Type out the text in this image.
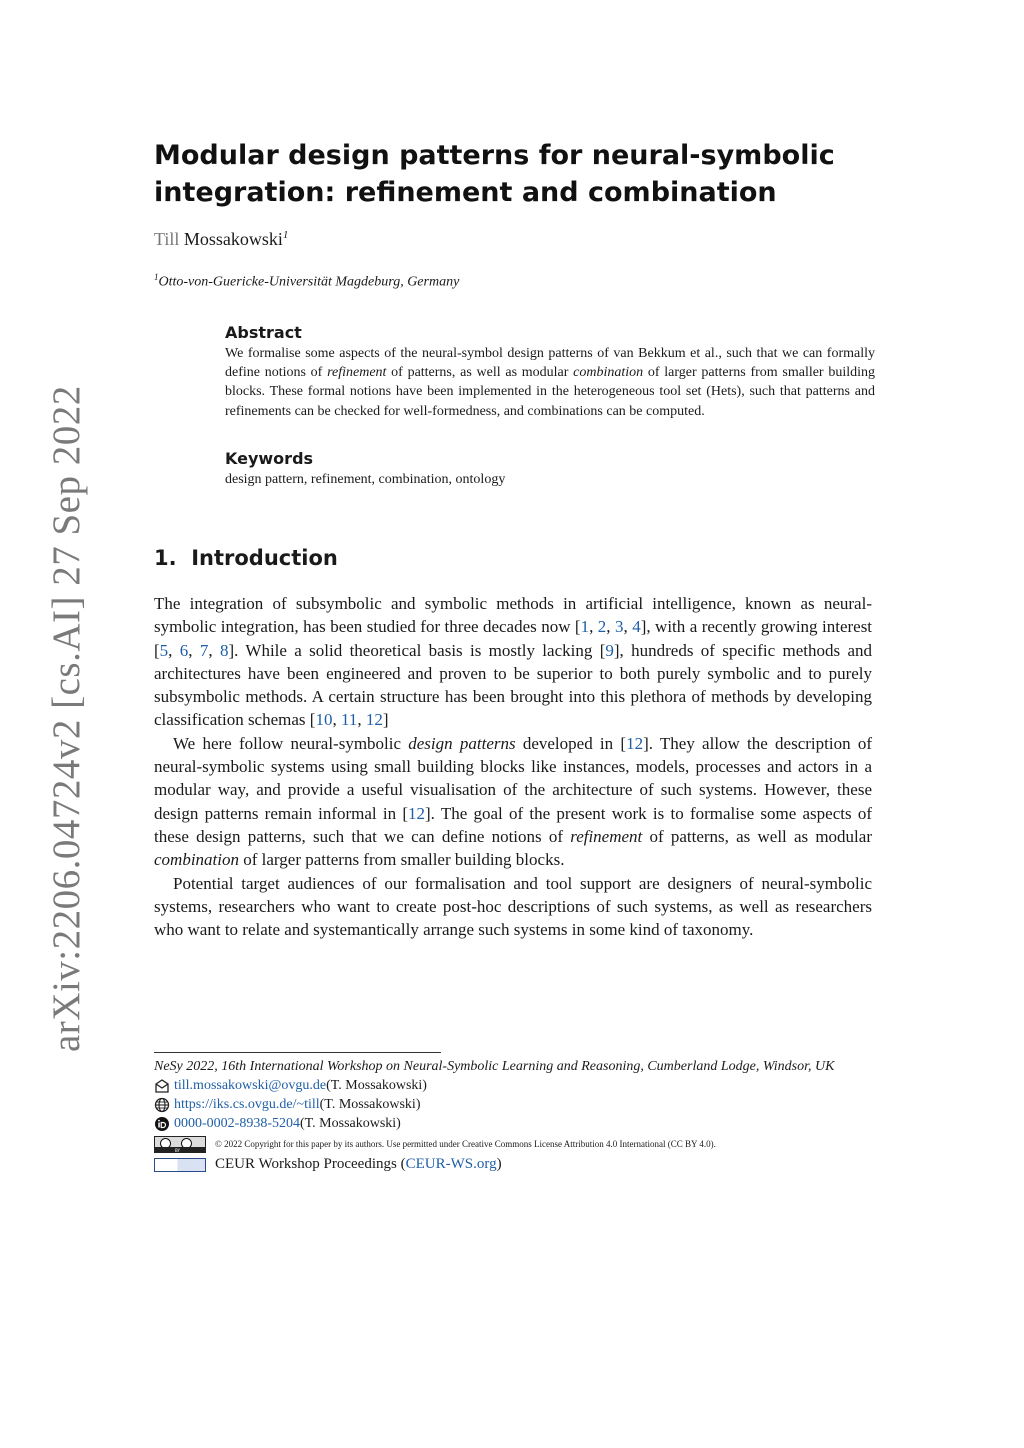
arXiv:2206.04724v2 [cs.AI] 27 Sep 2022
Modular design patterns for neural-symbolic
integration: refinement and combination
Till Mossakowski$^1$
$^1$Otto-von-Guericke-Universität Magdeburg, Germany
Abstract

We formalise some aspects of the neural-symbol design patterns of van Bekkum et al., such that we can formally define notions of refinement of patterns, as well as modular combination of larger patterns from smaller building blocks. These formal notions have been implemented in the heterogeneous tool set (Hets), such that patterns and refinements can be checked for well-formedness, and combinations can be computed.

Keywords

design pattern, refinement, combination, ontology

1. Introduction

The integration of subsymbolic and symbolic methods in artificial intelligence, known as neural-symbolic integration, has been studied for three decades now [1, 2, 3, 4], with a recently growing interest [5, 6, 7, 8]. While a solid theoretical basis is mostly lacking [9], hundreds of specific methods and architectures have been engineered and proven to be superior to both purely symbolic and to purely subsymbolic methods. A certain structure has been brought into this plethora of methods by developing classification schemas [10, 11, 12]

We here follow neural-symbolic design patterns developed in [12]. They allow the description of neural-symbolic systems using small building blocks like instances, models, processes and actors in a modular way, and provide a useful visualisation of the architecture of such systems. However, these design patterns remain informal in [12]. The goal of the present work is to formalise some aspects of these design patterns, such that we can define notions of refinement of patterns, as well as modular combination of larger patterns from smaller building blocks.

Potential target audiences of our formalisation and tool support are designers of neural-symbolic systems, researchers who want to create post-hoc descriptions of such systems, as well as researchers who want to relate and systemantically arrange such systems in some kind of taxonomy.

NeSy 2022, 16th International Workshop on Neural-Symbolic Learning and Reasoning, Cumberland Lodge, Windsor, UK
till.mossakowski@ovgu.de (T. Mossakowski)
https://iks.cs.ovgu.de/~till (T. Mossakowski)
0000-0002-8938-5204 (T. Mossakowski)
BY
© 2022 Copyright for this paper by its authors. Use permitted under Creative Commons License Attribution 4.0 International (CC BY 4.0).
CEUR Workshop Proceedings (CEUR-WS.org)
